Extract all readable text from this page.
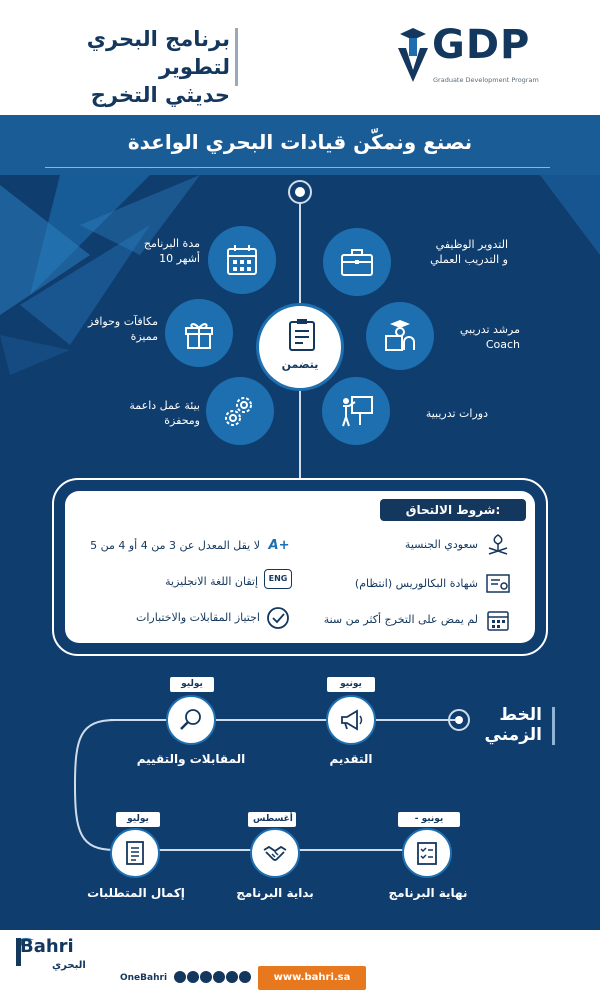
برنامج البحري لتطوير
حديثي التخرج
GDP
Graduate Development Program
نصنع ونمكّن قيادات البحري الواعدة
التدوير الوظيفي
و التدريب العملي
مدة البرنامج
10 أشهر
مرشد تدريبي
Coach
مكافآت وحوافز
مميزة
دورات تدريبية
بيئة عمل داعمة
ومحفزة
يتضمن
شروط الالتحاق:
سعودي الجنسية
شهادة البكالوريس (انتظام)
لم يمض على التخرج أكثر من سنة
A+
لا يقل المعدل عن 3 من 4 أو 4 من 5
ENG
إتقان اللغة الانجليزية
اجتياز المقابلات والاختبارات
الخط
الزمني
يونيو
التقديم
يوليو
المقابلات والتقييم
يوليو
إكمال المتطلبات
أغسطس
بداية البرنامج
يونيو -
نهاية البرنامج
Bahri
البحري
OneBahri	www.bahri.sa
